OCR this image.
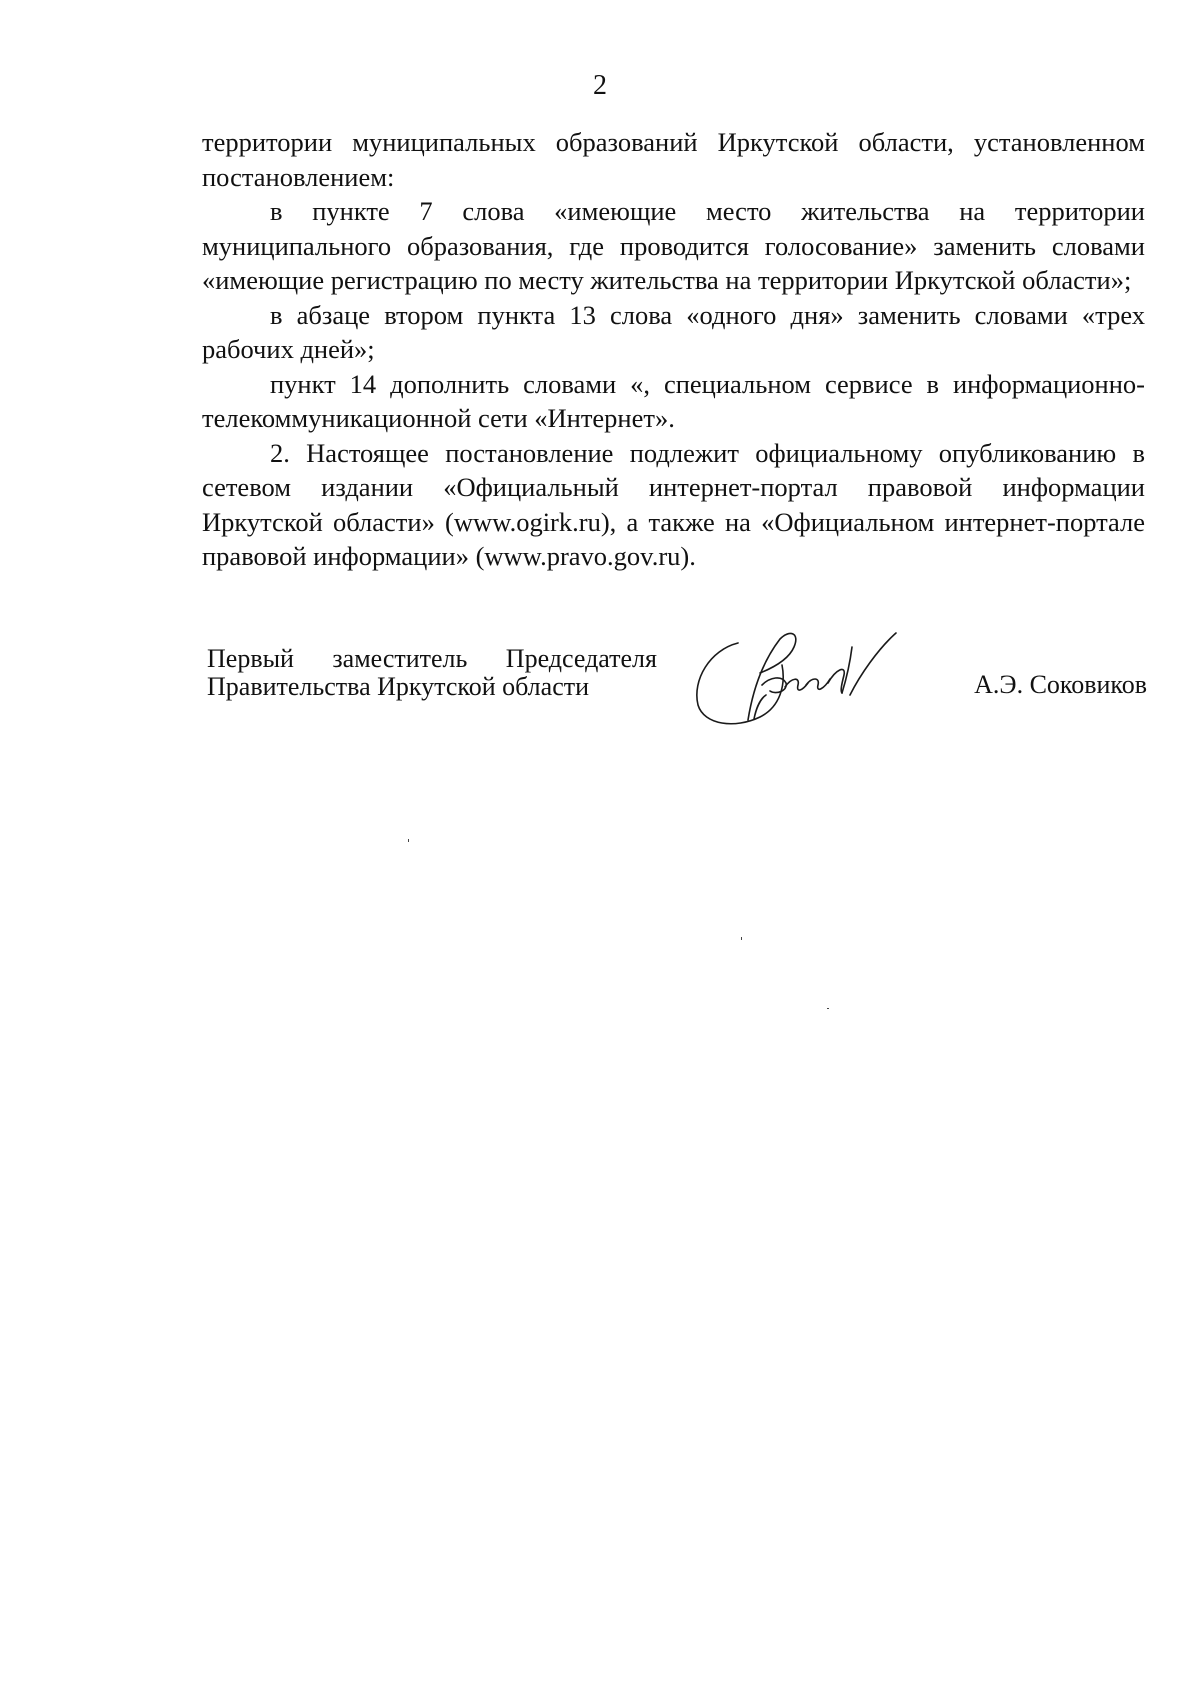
2

территории муниципальных образований Иркутской области, установленном постановлением:

в пункте 7 слова «имеющие место жительства на территории муниципального образования, где проводится голосование» заменить словами «имеющие регистрацию по месту жительства на территории Иркутской области»;

в абзаце втором пункта 13 слова «одного дня» заменить словами «трех рабочих дней»;

пункт 14 дополнить словами «, специальном сервисе в информационно-телекоммуникационной сети «Интернет».

2. Настоящее постановление подлежит официальному опубликованию в сетевом издании «Официальный интернет-портал правовой информации Иркутской области» (www.ogirk.ru), а также на «Официальном интернет-портале правовой информации» (www.pravo.gov.ru).

Первый заместитель Председателя
Правительства Иркутской области	А.Э. Соковиков
